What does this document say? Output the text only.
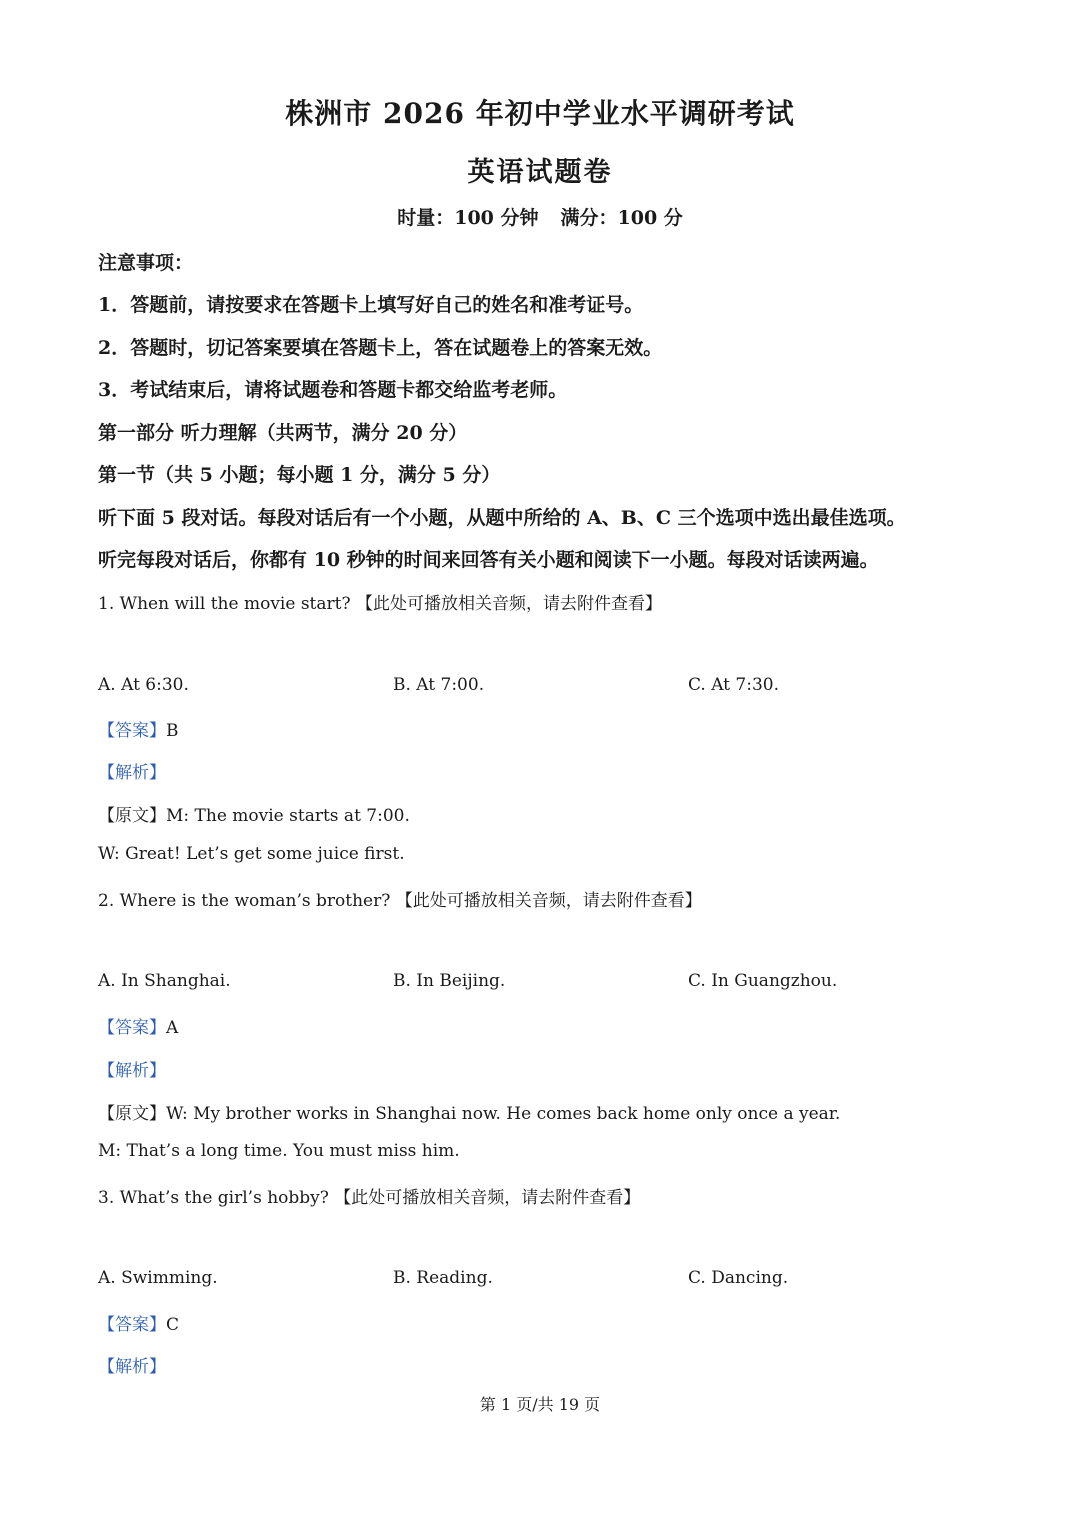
株洲市 2026 年初中学业水平调研考试
英语试题卷
时量：100 分钟 满分：100 分
注意事项：
1．答题前，请按要求在答题卡上填写好自己的姓名和准考证号。
2．答题时，切记答案要填在答题卡上，答在试题卷上的答案无效。
3．考试结束后，请将试题卷和答题卡都交给监考老师。
第一部分 听力理解（共两节，满分 20 分）
第一节（共 5 小题；每小题 1 分，满分 5 分）
听下面 5 段对话。每段对话后有一个小题，从题中所给的 A、B、C 三个选项中选出最佳选项。
听完每段对话后，你都有 10 秒钟的时间来回答有关小题和阅读下一小题。每段对话读两遍。
1. When will the movie start? 【此处可播放相关音频，请去附件查看】
A. At 6:30.	B. At 7:00.	C. At 7:30.
【答案】B
【解析】
【原文】M: The movie starts at 7:00.
W: Great! Let’s get some juice first.
2. Where is the woman’s brother? 【此处可播放相关音频，请去附件查看】
A. In Shanghai.	B. In Beijing.	C. In Guangzhou.
【答案】A
【解析】
【原文】W: My brother works in Shanghai now. He comes back home only once a year.
M: That’s a long time. You must miss him.
3. What’s the girl’s hobby? 【此处可播放相关音频，请去附件查看】
A. Swimming.	B. Reading.	C. Dancing.
【答案】C
【解析】
第 1 页/共 19 页
